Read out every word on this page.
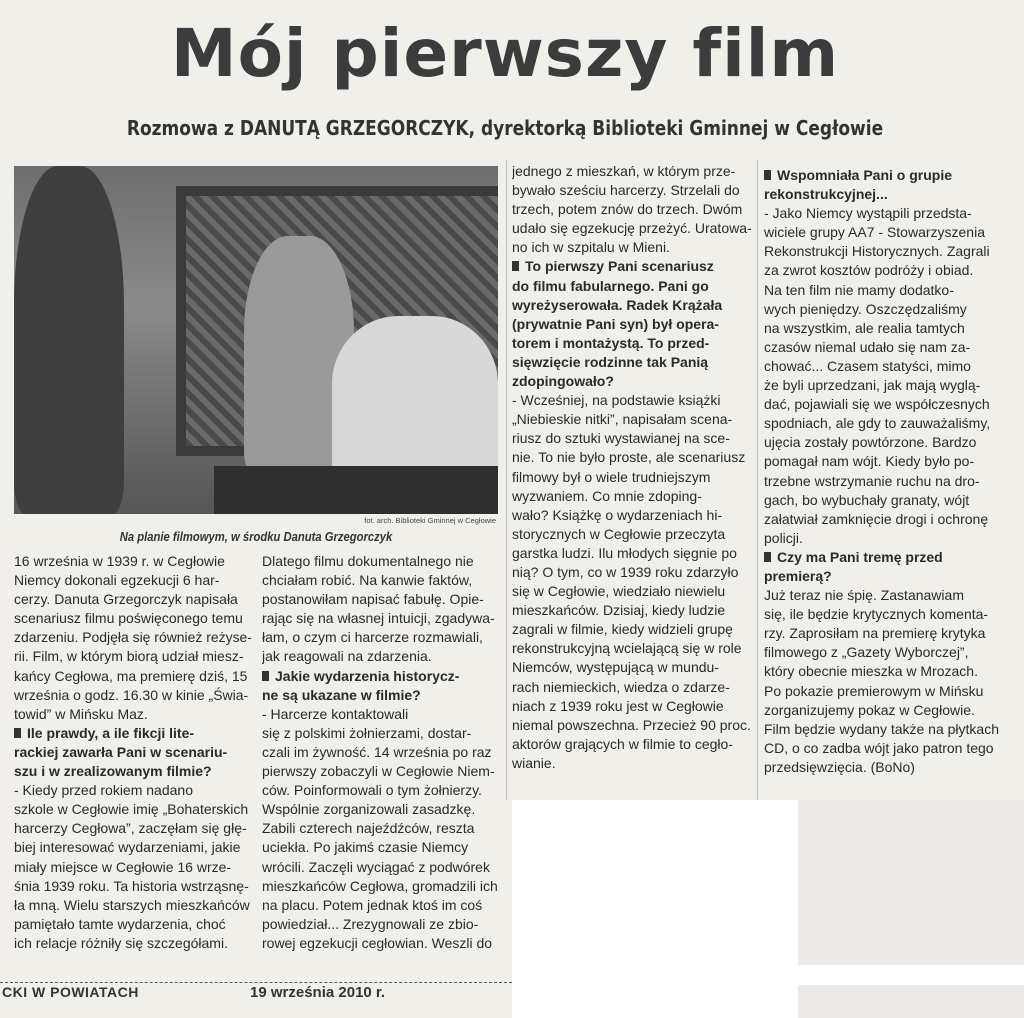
Mój pierwszy film
Rozmowa z DANUTĄ GRZEGORCZYK, dyrektorką Biblioteki Gminnej w Cegłowie

fot. arch. Biblioteki Gminnej w Cegłowie

Na planie filmowym, w środku Danuta Grzegorczyk

16 września w 1939 r. w Cegłowie

Niemcy dokonali egzekucji 6 har-

cerzy. Danuta Grzegorczyk napisała

scenariusz filmu poświęconego temu

zdarzeniu. Podjęła się również reżyse-

rii. Film, w którym biorą udział miesz-

kańcy Cegłowa, ma premierę dziś, 15

września o godz. 16.30 w kinie „Świa-

towid” w Mińsku Maz.

Ile prawdy, a ile fikcji lite-

rackiej zawarła Pani w scenariu-

szu i w zrealizowanym filmie?

- Kiedy przed rokiem nadano

szkole w Cegłowie imię „Bohaterskich

harcerzy Cegłowa”, zaczęłam się głę-

biej interesować wydarzeniami, jakie

miały miejsce w Cegłowie 16 wrze-

śnia 1939 roku. Ta historia wstrząsnę-

ła mną. Wielu starszych mieszkańców

pamiętało tamte wydarzenia, choć

ich relacje różniły się szczegółami.

Dlatego filmu dokumentalnego nie

chciałam robić. Na kanwie faktów,

postanowiłam napisać fabułę. Opie-

rając się na własnej intuicji, zgadywa-

łam, o czym ci harcerze rozmawiali,

jak reagowali na zdarzenia.

Jakie wydarzenia historycz-

ne są ukazane w filmie?

- Harcerze kontaktowali

się z polskimi żołnierzami, dostar-

czali im żywność. 14 września po raz

pierwszy zobaczyli w Cegłowie Niem-

ców. Poinformowali o tym żołnierzy.

Wspólnie zorganizowali zasadzkę.

Zabili czterech najeźdźców, reszta

uciekła. Po jakimś czasie Niemcy

wrócili. Zaczęli wyciągać z podwórek

mieszkańców Cegłowa, gromadzili ich

na placu. Potem jednak ktoś im coś

powiedział... Zrezygnowali ze zbio-

rowej egzekucji cegłowian. Weszli do

jednego z mieszkań, w którym prze-

bywało sześciu harcerzy. Strzelali do

trzech, potem znów do trzech. Dwóm

udało się egzekucję przeżyć. Uratowa-

no ich w szpitalu w Mieni.

To pierwszy Pani scenariusz

do filmu fabularnego. Pani go

wyreżyserowała. Radek Krążała

(prywatnie Pani syn) był opera-

torem i montażystą. To przed-

sięwzięcie rodzinne tak Panią

zdopingowało?

- Wcześniej, na podstawie książki

„Niebieskie nitki”, napisałam scena-

riusz do sztuki wystawianej na sce-

nie. To nie było proste, ale scenariusz

filmowy był o wiele trudniejszym

wyzwaniem. Co mnie zdoping-

wało? Książkę o wydarzeniach hi-

storycznych w Cegłowie przeczyta

garstka ludzi. Ilu młodych sięgnie po

nią? O tym, co w 1939 roku zdarzyło

się w Cegłowie, wiedziało niewielu

mieszkańców. Dzisiaj, kiedy ludzie

zagrali w filmie, kiedy widzieli grupę

rekonstrukcyjną wcielającą się w role

Niemców, występującą w mundu-

rach niemieckich, wiedza o zdarze-

niach z 1939 roku jest w Cegłowie

niemal powszechna. Przecież 90 proc.

aktorów grających w filmie to cegło-

wianie.

Wspomniała Pani o grupie

rekonstrukcyjnej...

- Jako Niemcy wystąpili przedsta-

wiciele grupy AA7 - Stowarzyszenia

Rekonstrukcji Historycznych. Zagrali

za zwrot kosztów podróży i obiad.

Na ten film nie mamy dodatko-

wych pieniędzy. Oszczędzaliśmy

na wszystkim, ale realia tamtych

czasów niemal udało się nam za-

chować... Czasem statyści, mimo

że byli uprzedzani, jak mają wyglą-

dać, pojawiali się we współczesnych

spodniach, ale gdy to zauważaliśmy,

ujęcia zostały powtórzone. Bardzo

pomagał nam wójt. Kiedy było po-

trzebne wstrzymanie ruchu na dro-

gach, bo wybuchały granaty, wójt

załatwiał zamknięcie drogi i ochronę

policji.

Czy ma Pani tremę przed

premierą?

Już teraz nie śpię. Zastanawiam

się, ile będzie krytycznych komenta-

rzy. Zaprosiłam na premierę krytyka

filmowego z „Gazety Wyborczej”,

który obecnie mieszka w Mrozach.

Po pokazie premierowym w Mińsku

zorganizujemy pokaz w Cegłowie.

Film będzie wydany także na płytkach

CD, o co zadba wójt jako patron tego

przedsięwzięcia. (BoNo)

CKI W POWIATACH	19 września 2010 r.
